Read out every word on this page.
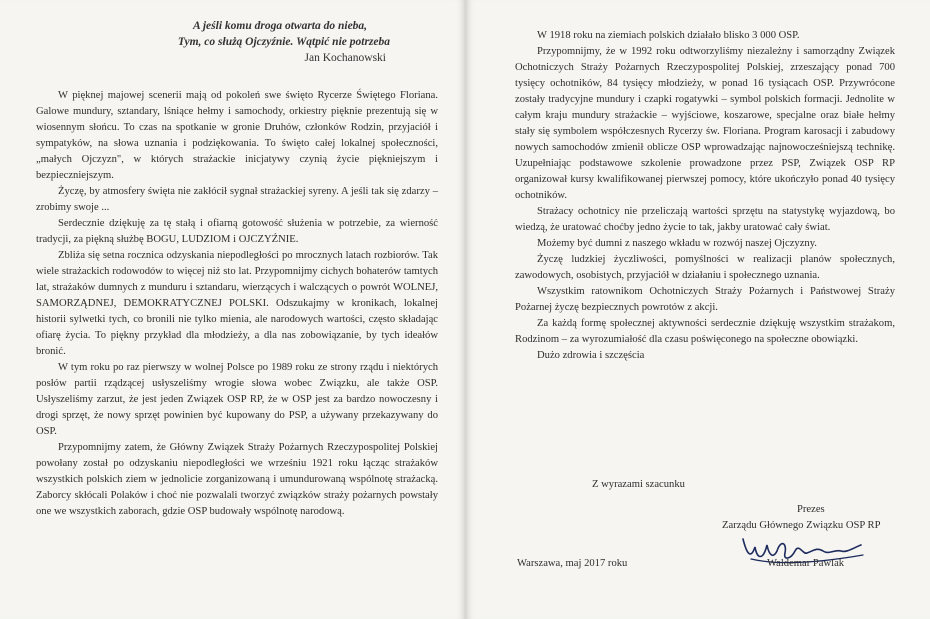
A jeśli komu droga otwarta do nieba,
Tym, co służą Ojczyźnie. Wątpić nie potrzeba
Jan Kochanowski

W pięknej majowej scenerii mają od pokoleń swe święto Rycerze Świętego Floriana. Galowe mundury, sztandary, lśniące hełmy i samochody, orkiestry pięknie prezentują się w wiosennym słońcu. To czas na spotkanie w gronie Druhów, członków Rodzin, przyjaciół i sympatyków, na słowa uznania i podziękowania. To święto całej lokalnej społeczności, „małych Ojczyzn", w których strażackie inicjatywy czynią życie piękniejszym i bezpieczniejszym.

Życzę, by atmosfery święta nie zakłócił sygnał strażackiej syreny. A jeśli tak się zdarzy – zrobimy swoje ...

Serdecznie dziękuję za tę stałą i ofiarną gotowość służenia w potrzebie, za wierność tradycji, za piękną służbę BOGU, LUDZIOM i OJCZYŹNIE.

Zbliża się setna rocznica odzyskania niepodległości po mrocznych latach rozbiorów. Tak wiele strażackich rodowodów to więcej niż sto lat. Przypomnijmy cichych bohaterów tamtych lat, strażaków dumnych z munduru i sztandaru, wierzących i walczących o powrót WOLNEJ, SAMORZĄDNEJ, DEMOKRATYCZNEJ POLSKI. Odszukajmy w kronikach, lokalnej historii sylwetki tych, co bronili nie tylko mienia, ale narodowych wartości, często składając ofiarę życia. To piękny przykład dla młodzieży, a dla nas zobowiązanie, by tych ideałów bronić.

W tym roku po raz pierwszy w wolnej Polsce po 1989 roku ze strony rządu i niektórych posłów partii rządzącej usłyszeliśmy wrogie słowa wobec Związku, ale także OSP. Usłyszeliśmy zarzut, że jest jeden Związek OSP RP, że w OSP jest za bardzo nowoczesny i drogi sprzęt, że nowy sprzęt powinien być kupowany do PSP, a używany przekazywany do OSP.

Przypomnijmy zatem, że Główny Związek Straży Pożarnych Rzeczypospolitej Polskiej powołany został po odzyskaniu niepodległości we wrześniu 1921 roku łącząc strażaków wszystkich polskich ziem w jednolicie zorganizowaną i umundurowaną wspólnotę strażacką. Zaborcy skłócali Polaków i choć nie pozwalali tworzyć związków straży pożarnych powstały one we wszystkich zaborach, gdzie OSP budowały wspólnotę narodową.

W 1918 roku na ziemiach polskich działało blisko 3 000 OSP.

Przypomnijmy, że w 1992 roku odtworzyliśmy niezależny i samorządny Związek Ochotniczych Straży Pożarnych Rzeczypospolitej Polskiej, zrzeszający ponad 700 tysięcy ochotników, 84 tysięcy młodzieży, w ponad 16 tysiącach OSP. Przywrócone zostały tradycyjne mundury i czapki rogatywki – symbol polskich formacji. Jednolite w całym kraju mundury strażackie – wyjściowe, koszarowe, specjalne oraz białe hełmy stały się symbolem współczesnych Rycerzy św. Floriana. Program karosacji i zabudowy nowych samochodów zmienił oblicze OSP wprowadzając najnowocześniejszą technikę. Uzupełniając podstawowe szkolenie prowadzone przez PSP, Związek OSP RP organizował kursy kwalifikowanej pierwszej pomocy, które ukończyło ponad 40 tysięcy ochotników.

Strażacy ochotnicy nie przeliczają wartości sprzętu na statystykę wyjazdową, bo wiedzą, że uratować choćby jedno życie to tak, jakby uratować cały świat.

Możemy być dumni z naszego wkładu w rozwój naszej Ojczyzny.

Życzę ludzkiej życzliwości, pomyślności w realizacji planów społecznych, zawodowych, osobistych, przyjaciół w działaniu i społecznego uznania.

Wszystkim ratownikom Ochotniczych Straży Pożarnych i Państwowej Straży Pożarnej życzę bezpiecznych powrotów z akcji.

Za każdą formę społecznej aktywności serdecznie dziękuję wszystkim strażakom, Rodzinom – za wyrozumiałość dla czasu poświęconego na społeczne obowiązki.

Dużo zdrowia i szczęścia

Z wyrazami szacunku
Prezes
Zarządu Głównego Związku OSP RP
Warszawa, maj 2017 roku	Waldemar Pawlak
